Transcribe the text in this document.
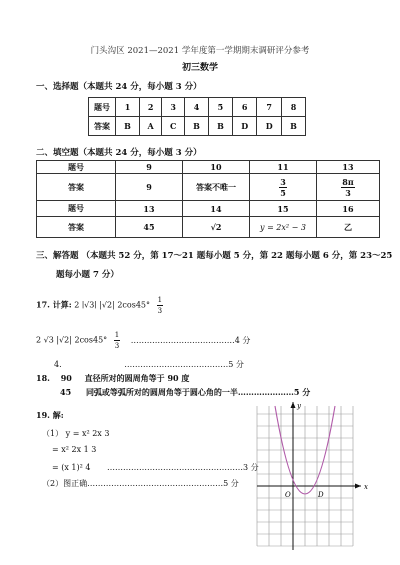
门头沟区 2021—2021 学年度第一学期期末调研评分参考
初三数学
一、选择题（本题共 24 分，每小题 3 分）
题号	1	2	3	4	5	6	7	8
答案	B	A	C	B	B	D	D	B
二、填空题（本题共 24 分，每小题 3 分）
题号	9	10	11	13
答案	9	答案不唯一	$\frac{3}{5}$	$\frac{8\pi}{3}$

题号	13	14	15	16
答案	45	√2	y = 2x² − 3	乙
三、解答题 （本题共 52 分，第 17～21 题每小题 5 分，第 22 题每小题 6 分，第 23～25
题每小题 7 分）
17. 计算: 2 ∣√3∣ |√2| $2\cos 45^\circ \frac{1}{3}$
2 √3 |√2| $2\cos 45^\circ \frac{1}{3}$ …………………………………4 分
4.	…………………………………5 分
18. 90 直径所对的圆周角等于 90 度
45 同弧或等弧所对的圆周角等于圆心角的一半…………………5 分
19. 解:
（1） y = x² 2x 3
= x² 2x 1 3
= (x 1)² 4 ……………………………………………3 分
（2）图正确……………………………………………5 分
y
x
O	D
